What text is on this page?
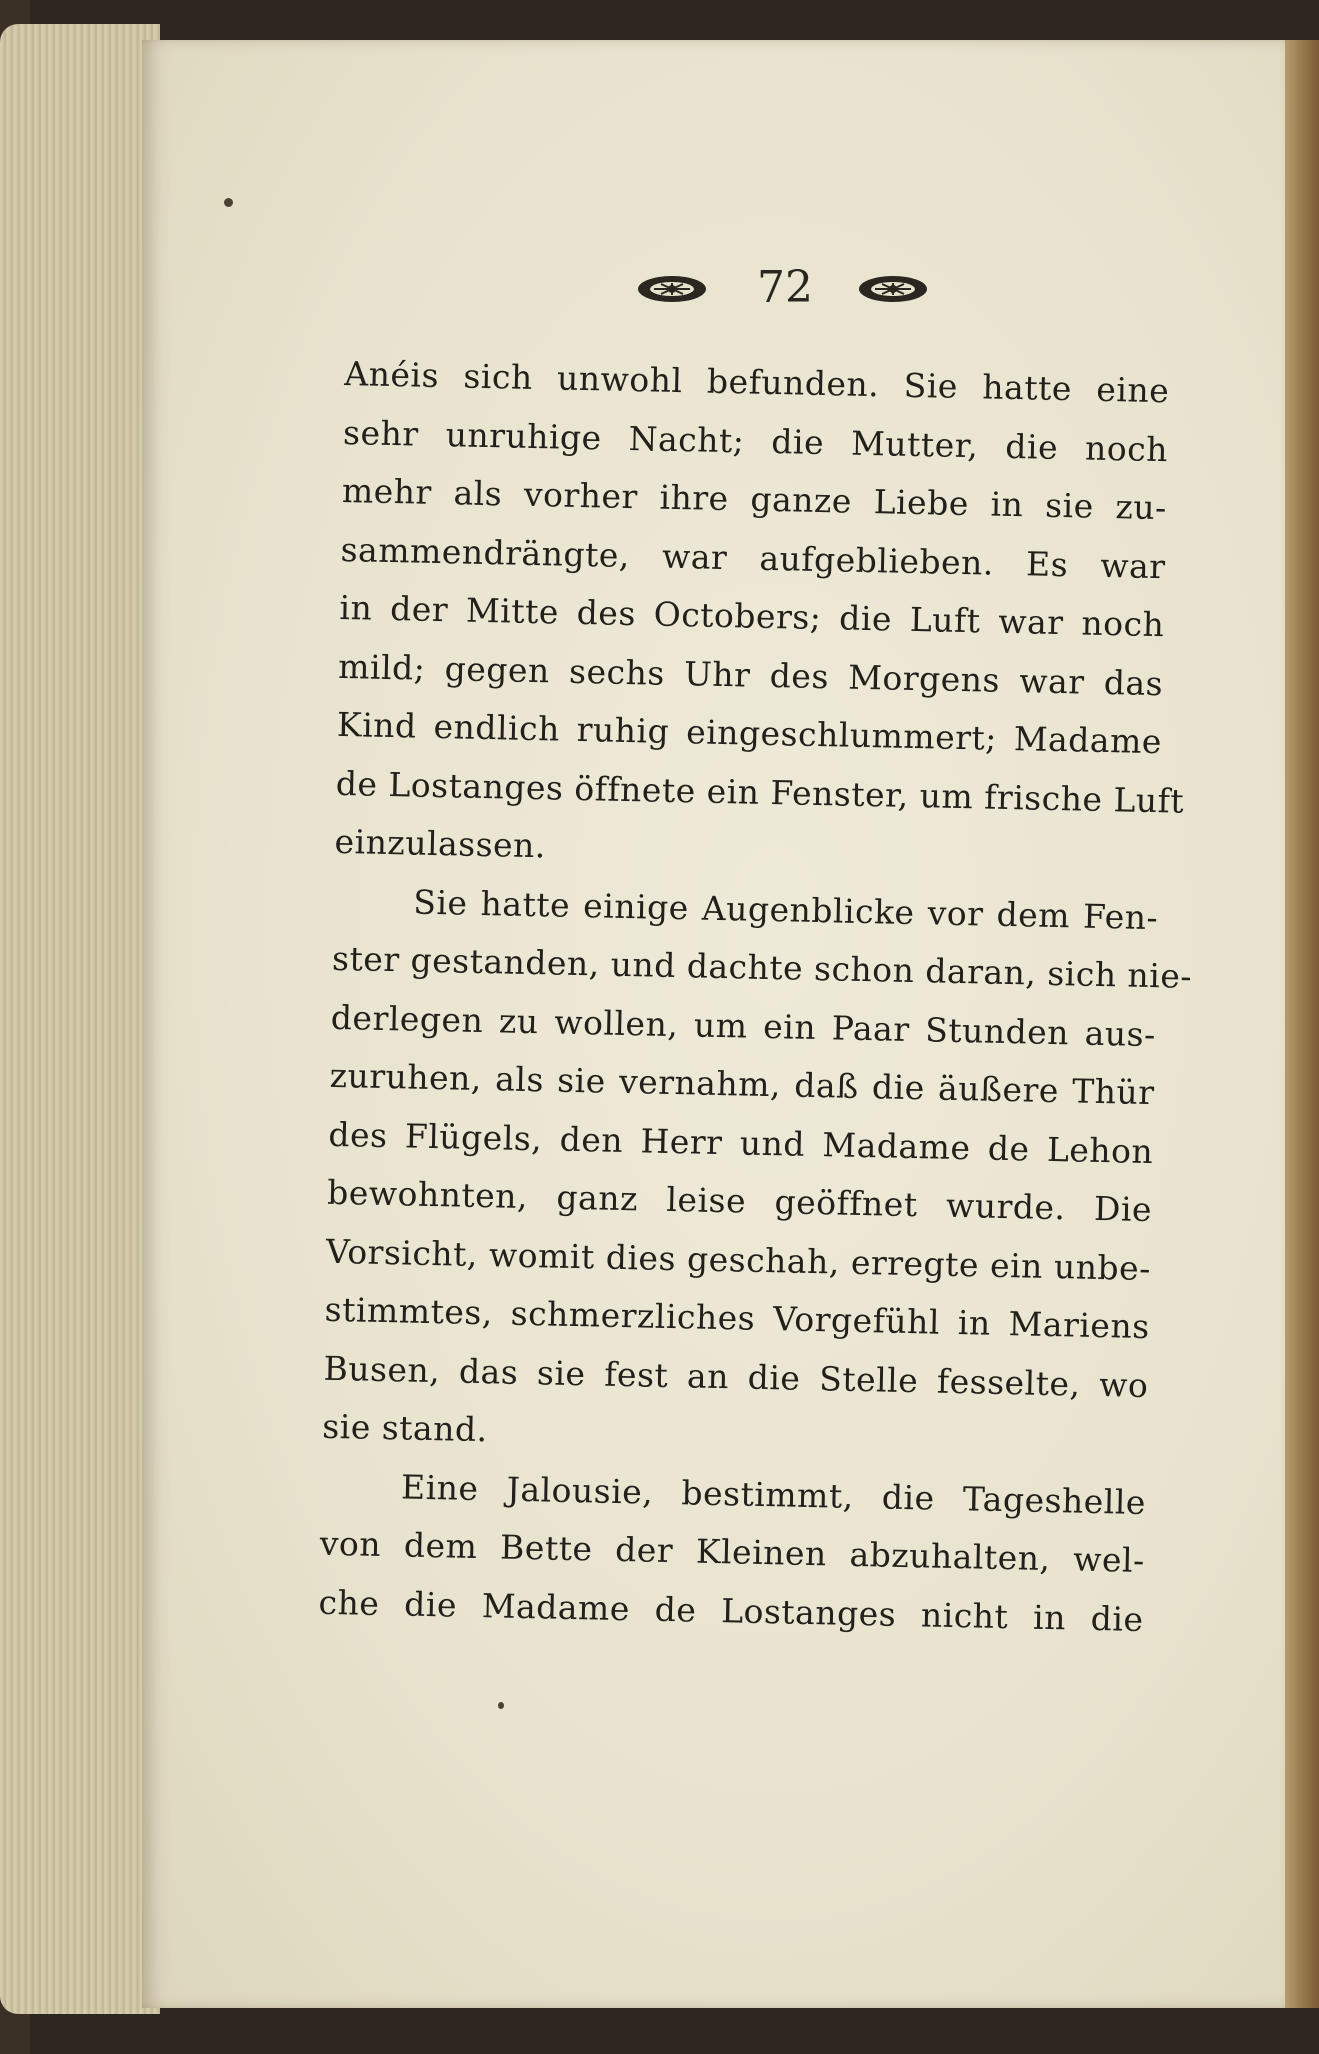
72
Anéis sich unwohl befunden. Sie hatte eine
sehr unruhige Nacht; die Mutter, die noch
mehr als vorher ihre ganze Liebe in sie zu-
sammendrängte, war aufgeblieben. Es war
in der Mitte des Octobers; die Luft war noch
mild; gegen sechs Uhr des Morgens war das
Kind endlich ruhig eingeschlummert; Madame
de Lostanges öffnete ein Fenster, um frische Luft
einzulassen.
Sie hatte einige Augenblicke vor dem Fen-
ster gestanden, und dachte schon daran, sich nie-
derlegen zu wollen, um ein Paar Stunden aus-
zuruhen, als sie vernahm, daß die äußere Thür
des Flügels, den Herr und Madame de Lehon
bewohnten, ganz leise geöffnet wurde. Die
Vorsicht, womit dies geschah, erregte ein unbe-
stimmtes, schmerzliches Vorgefühl in Mariens
Busen, das sie fest an die Stelle fesselte, wo
sie stand.
Eine Jalousie, bestimmt, die Tageshelle
von dem Bette der Kleinen abzuhalten, wel-
che die Madame de Lostanges nicht in die
